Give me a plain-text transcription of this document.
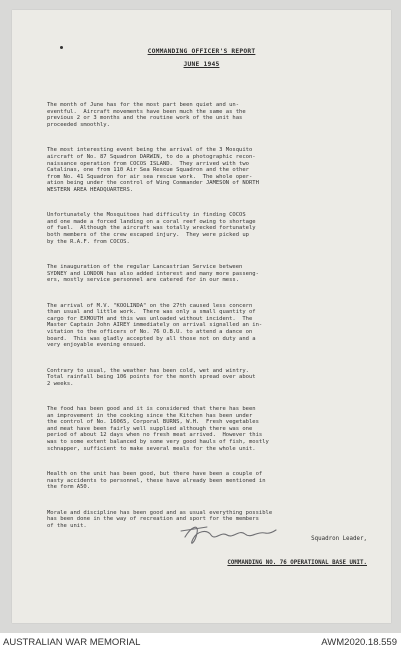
COMMANDING OFFICER'S REPORT
JUNE 1945

The month of June has for the most part been quiet and un-
eventful.  Aircraft movements have been much the same as the
previous 2 or 3 months and the routine work of the unit has
proceeded smoothly.

The most interesting event being the arrival of the 3 Mosquito
aircraft of No. 87 Squadron DARWIN, to do a photographic recon-
naissance operation from COCOS ISLAND.  They arrived with two
Catalinas, one from 110 Air Sea Rescue Squadron and the other
from No. 41 Squadron for air sea rescue work.  The whole oper-
ation being under the control of Wing Commander JAMESON of NORTH
WESTERN AREA HEADQUARTERS.

Unfortunately the Mosquitoes had difficulty in finding COCOS
and one made a forced landing on a coral reef owing to shortage
of fuel.  Although the aircraft was totally wrecked fortunately
both members of the crew escaped injury.  They were picked up
by the R.A.F. from COCOS.

The inauguration of the regular Lancastrian Service between
SYDNEY and LONDON has also added interest and many more passeng-
ers, mostly service personnel are catered for in our mess.

The arrival of M.V. "KOOLINDA" on the 27th caused less concern
than usual and little work.  There was only a small quantity of
cargo for EXMOUTH and this was unloaded without incident.  The
Master Captain John AIREY immediately on arrival signalled an in-
vitation to the officers of No. 76 O.B.U. to attend a dance on
board.  This was gladly accepted by all those not on duty and a
very enjoyable evening ensued.

Contrary to usual, the weather has been cold, wet and wintry.
Total rainfall being 106 points for the month spread over about
2 weeks.

The food has been good and it is considered that there has been
an improvement in the cooking since the Kitchen has been under
the control of No. 16065, Corporal BURNS, W.H.  Fresh vegetables
and meat have been fairly well supplied although there was one
period of about 12 days when no fresh meat arrived.  However this
was to some extent balanced by some very good hauls of fish, mostly
schnapper, sufficient to make several meals for the whole unit.

Health on the unit has been good, but there have been a couple of
nasty accidents to personnel, these have already been mentioned in
the form A50.

Morale and discipline has been good and as usual everything possible
has been done in the way of recreation and sport for the members
of the unit.

Squadron Leader,

COMMANDING NO. 76 OPERATIONAL BASE UNIT.

AUSTRALIAN WAR MEMORIAL	AWM2020.18.559
